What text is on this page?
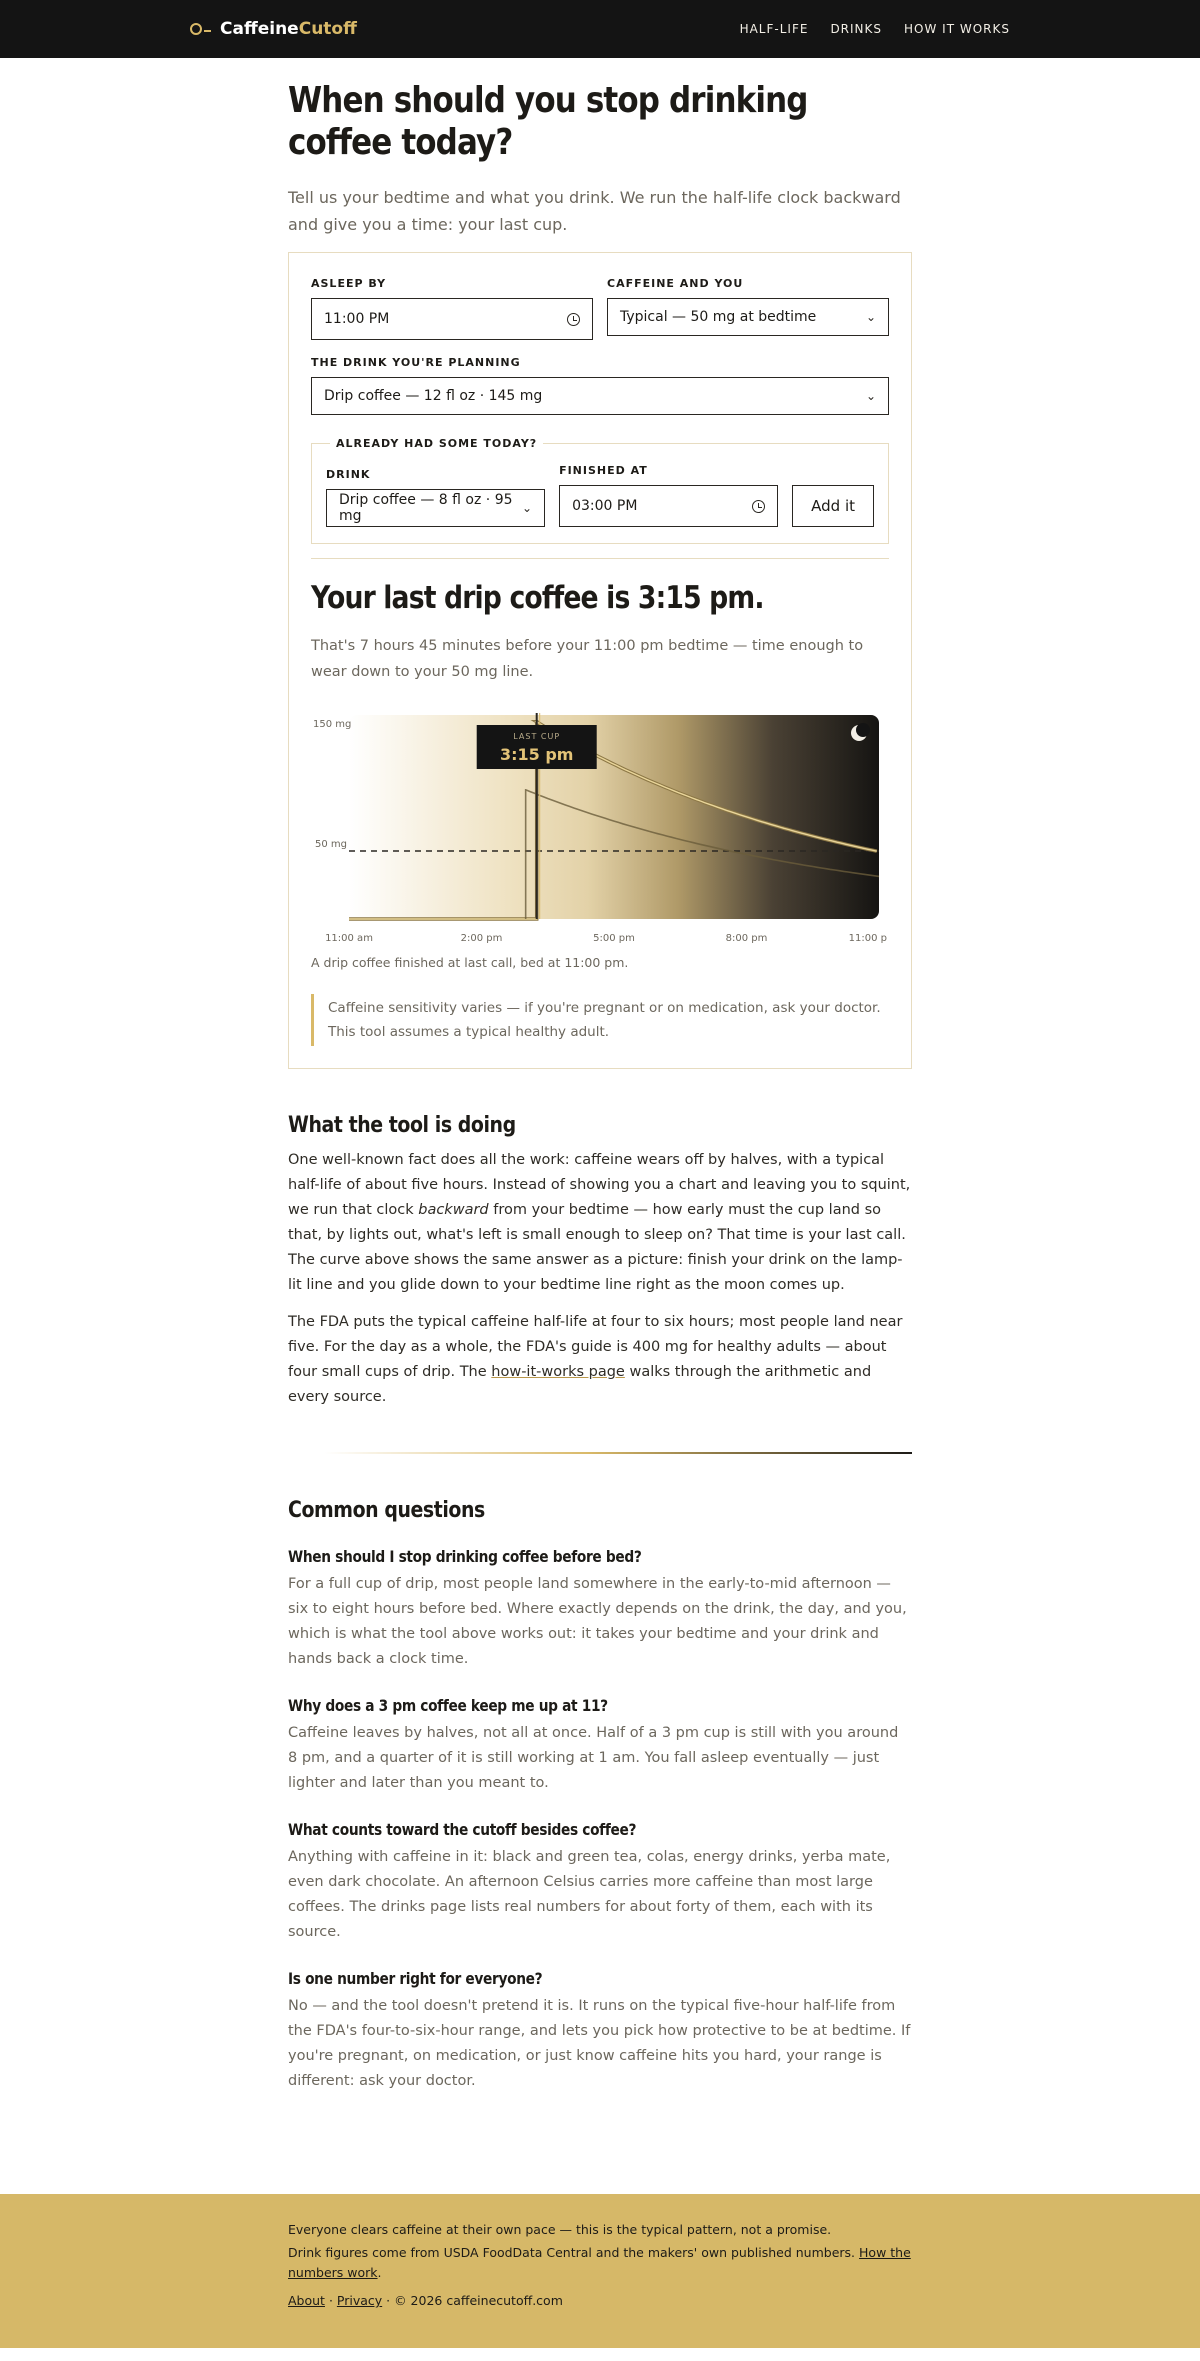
CaffeineCutoff	HALF-LIFE DRINKS HOW IT WORKS
When should you stop drinking coffee today?

Tell us your bedtime and what you drink. We run the half-life clock backward and give you a time: your last cup.

ASLEEP BY
11:00 PM
CAFFEINE AND YOU
Typical — 50 mg at bedtime	⌄
THE DRINK YOU'RE PLANNING
Drip coffee — 12 fl oz · 145 mg	⌄
ALREADY HAD SOME TODAY?
DRINK
Drip coffee — 8 fl oz · 95 mg	⌄
FINISHED AT
03:00 PM	Add it
Your last drip coffee is 3:15 pm.

That's 7 hours 45 minutes before your 11:00 pm bedtime — time enough to wear down to your 50 mg line.

150 mg
50 mg
LAST CUP
3:15 pm
11:00 am	2:00 pm	5:00 pm	8:00 pm	11:00 p

A drip coffee finished at last call, bed at 11:00 pm.

Caffeine sensitivity varies — if you're pregnant or on medication, ask your doctor. This tool assumes a typical healthy adult.
What the tool is doing

One well-known fact does all the work: caffeine wears off by halves, with a typical half-life of about five hours. Instead of showing you a chart and leaving you to squint, we run that clock backward from your bedtime — how early must the cup land so that, by lights out, what's left is small enough to sleep on? That time is your last call. The curve above shows the same answer as a picture: finish your drink on the lamp-lit line and you glide down to your bedtime line right as the moon comes up.

The FDA puts the typical caffeine half-life at four to six hours; most people land near five. For the day as a whole, the FDA's guide is 400 mg for healthy adults — about four small cups of drip. The how-it-works page walks through the arithmetic and every source.

Common questions
When should I stop drinking coffee before bed?

For a full cup of drip, most people land somewhere in the early-to-mid afternoon — six to eight hours before bed. Where exactly depends on the drink, the day, and you, which is what the tool above works out: it takes your bedtime and your drink and hands back a clock time.

Why does a 3 pm coffee keep me up at 11?

Caffeine leaves by halves, not all at once. Half of a 3 pm cup is still with you around 8 pm, and a quarter of it is still working at 1 am. You fall asleep eventually — just lighter and later than you meant to.

What counts toward the cutoff besides coffee?

Anything with caffeine in it: black and green tea, colas, energy drinks, yerba mate, even dark chocolate. An afternoon Celsius carries more caffeine than most large coffees. The drinks page lists real numbers for about forty of them, each with its source.

Is one number right for everyone?

No — and the tool doesn't pretend it is. It runs on the typical five-hour half-life from the FDA's four-to-six-hour range, and lets you pick how protective to be at bedtime. If you're pregnant, on medication, or just know caffeine hits you hard, your range is different: ask your doctor.

Everyone clears caffeine at their own pace — this is the typical pattern, not a promise.

Drink figures come from USDA FoodData Central and the makers' own published numbers. How the numbers work.

About · Privacy · © 2026 caffeinecutoff.com
